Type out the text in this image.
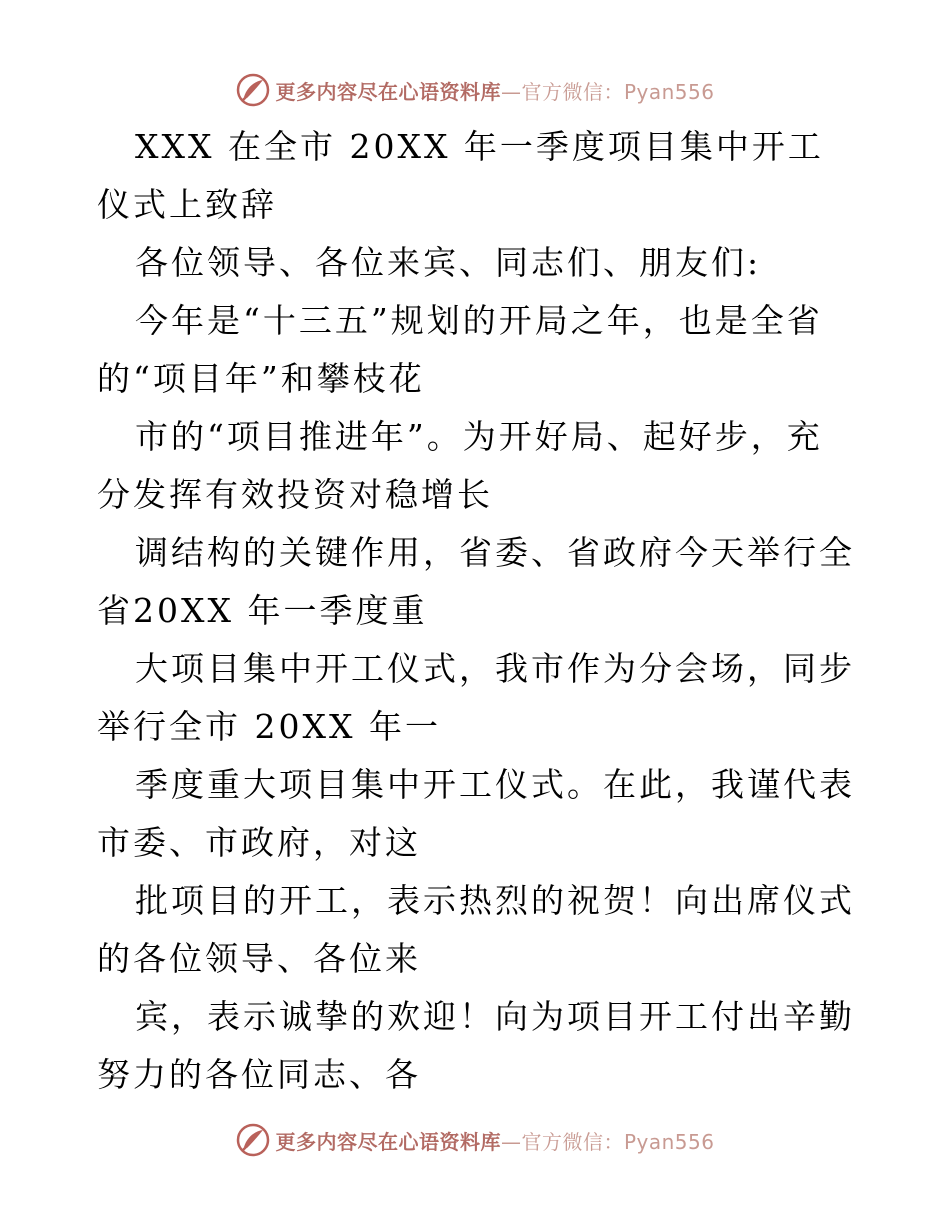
更多内容尽在心语资料库—官方微信：Pyan556

XXX 在全市 20XX 年一季度项目集中开工仪式上致辞

各位领导、各位来宾、同志们、朋友们:

今年是“十三五”规划的开局之年，也是全省的“项目年”和攀枝花

市的“项目推进年”。为开好局、起好步，充分发挥有效投资对稳增长

调结构的关键作用，省委、省政府今天举行全省20XX 年一季度重

大项目集中开工仪式，我市作为分会场，同步举行全市 20XX 年一

季度重大项目集中开工仪式。在此，我谨代表市委、市政府，对这

批项目的开工，表示热烈的祝贺！向出席仪式的各位领导、各位来

宾，表示诚挚的欢迎！向为项目开工付出辛勤努力的各位同志、各

更多内容尽在心语资料库—官方微信：Pyan556
